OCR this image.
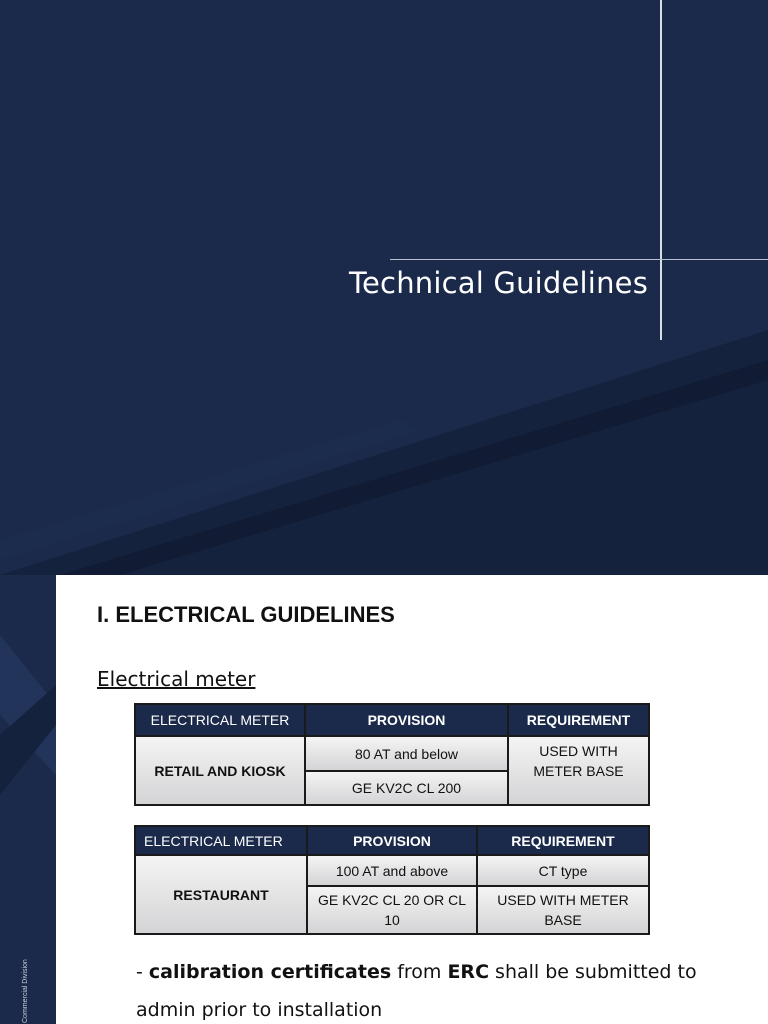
Technical Guidelines
Commercial Division
I. ELECTRICAL GUIDELINES
Electrical meter
ELECTRICAL METER	PROVISION	REQUIREMENT
RETAIL AND KIOSK	80 AT and below	USED WITH METER BASE
	GE KV2C CL 200	
ELECTRICAL METER	PROVISION	REQUIREMENT
RESTAURANT	100 AT and above	CT type
	GE KV2C CL 20 OR CL 10	USED WITH METER BASE
- calibration certificates from ERC shall be submitted to admin prior to installation
